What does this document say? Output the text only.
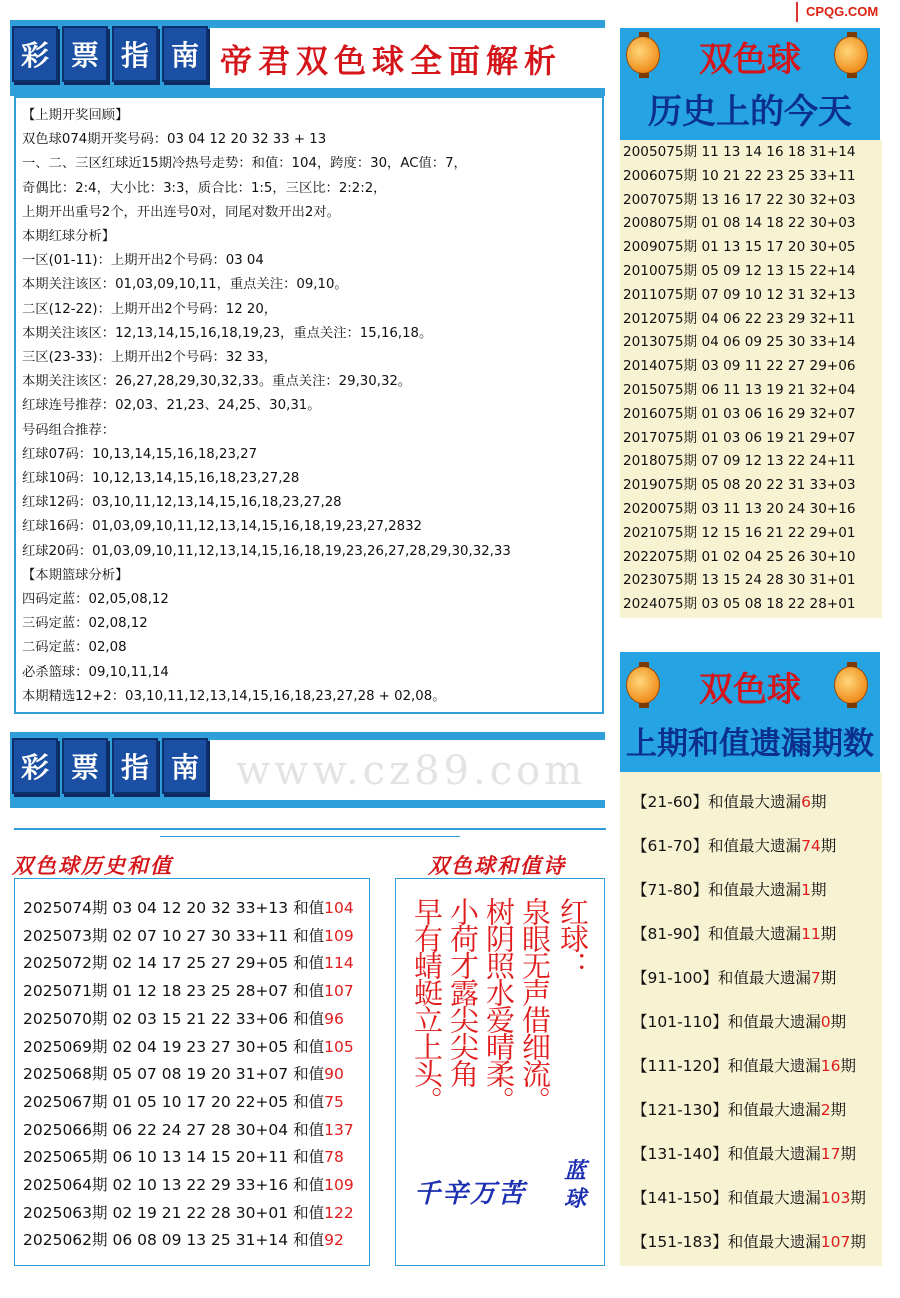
CPQG.COM
彩 票 指 南 帝君双色球全面解析
【上期开奖回顾】
双色球074期开奖号码：03 04 12 20 32 33 + 13
一、二、三区红球近15期冷热号走势：和值：104，跨度：30，AC值：7，
奇偶比：2:4，大小比：3:3，质合比：1:5，三区比：2:2:2，
上期开出重号2个，开出连号0对，同尾对数开出2对。
本期红球分析】
一区(01-11)：上期开出2个号码：03 04
本期关注该区：01,03,09,10,11，重点关注：09,10。
二区(12-22)：上期开出2个号码：12 20，
本期关注该区：12,13,14,15,16,18,19,23，重点关注：15,16,18。
三区(23-33)：上期开出2个号码：32 33，
本期关注该区：26,27,28,29,30,32,33。重点关注：29,30,32。
红球连号推荐：02,03、21,23、24,25、30,31。
号码组合推荐：
红球07码：10,13,14,15,16,18,23,27
红球10码：10,12,13,14,15,16,18,23,27,28
红球12码：03,10,11,12,13,14,15,16,18,23,27,28
红球16码：01,03,09,10,11,12,13,14,15,16,18,19,23,27,2832
红球20码：01,03,09,10,11,12,13,14,15,16,18,19,23,26,27,28,29,30,32,33
【本期篮球分析】
四码定蓝：02,05,08,12
三码定蓝：02,08,12
二码定蓝：02,08
必杀篮球：09,10,11,14
本期精选12+2：03,10,11,12,13,14,15,16,18,23,27,28 + 02,08。
彩 票 指 南 www.cz89.com
双色球
历史上的今天
2005075期 11 13 14 16 18 31+14
2006075期 10 21 22 23 25 33+11
2007075期 13 16 17 22 30 32+03
2008075期 01 08 14 18 22 30+03
2009075期 01 13 15 17 20 30+05
2010075期 05 09 12 13 15 22+14
2011075期 07 09 10 12 31 32+13
2012075期 04 06 22 23 29 32+11
2013075期 04 06 09 25 30 33+14
2014075期 03 09 11 22 27 29+06
2015075期 06 11 13 19 21 32+04
2016075期 01 03 06 16 29 32+07
2017075期 01 03 06 19 21 29+07
2018075期 07 09 12 13 22 24+11
2019075期 05 08 20 22 31 33+03
2020075期 03 11 13 20 24 30+16
2021075期 12 15 16 21 22 29+01
2022075期 01 02 04 25 26 30+10
2023075期 13 15 24 28 30 31+01
2024075期 03 05 08 18 22 28+01
双色球
上期和值遗漏期数
【21-60】和值最大遗漏6期
【61-70】和值最大遗漏74期
【71-80】和值最大遗漏1期
【81-90】和值最大遗漏11期
【91-100】和值最大遗漏7期
【101-110】和值最大遗漏0期
【111-120】和值最大遗漏16期
【121-130】和值最大遗漏2期
【131-140】和值最大遗漏17期
【141-150】和值最大遗漏103期
【151-183】和值最大遗漏107期
双色球历史和值	双色球和值诗
2025074期 03 04 12 20 32 33+13 和值104
2025073期 02 07 10 27 30 33+11 和值109
2025072期 02 14 17 25 27 29+05 和值114
2025071期 01 12 18 23 25 28+07 和值107
2025070期 02 03 15 21 22 33+06 和值96
2025069期 02 04 19 23 27 30+05 和值105
2025068期 05 07 08 19 20 31+07 和值90
2025067期 01 05 10 17 20 22+05 和值75
2025066期 06 22 24 27 28 30+04 和值137
2025065期 06 10 13 14 15 20+11 和值78
2025064期 02 10 13 22 29 33+16 和值109
2025063期 02 19 21 22 28 30+01 和值122
2025062期 06 08 09 13 25 31+14 和值92
千辛万苦
蓝球
红球：
泉眼无声借细流。
树阴照水爱晴柔。
小荷才露尖尖角
早有蜻蜓立上头。
